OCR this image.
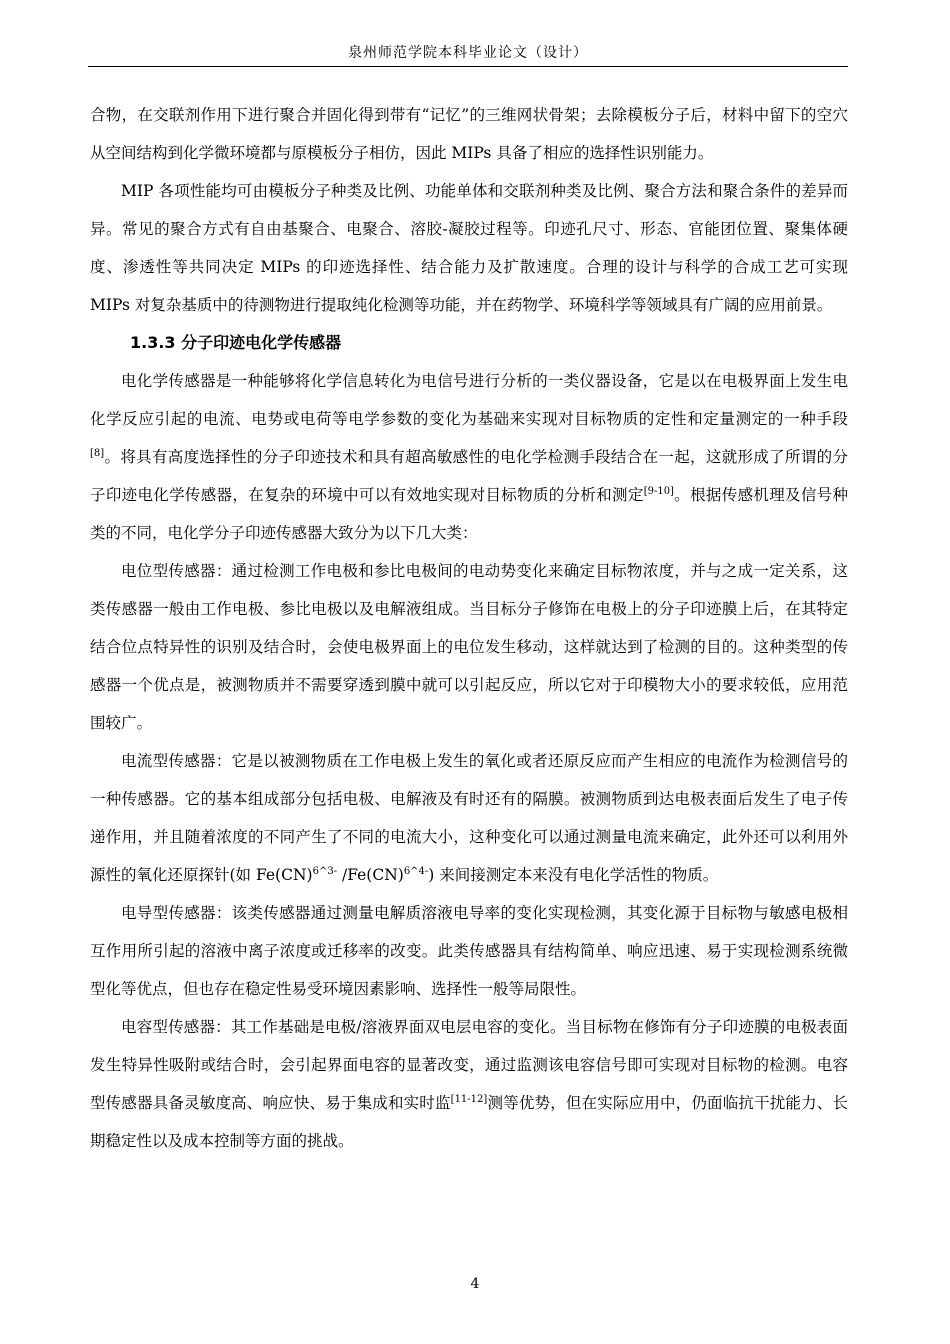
泉州师范学院本科毕业论文（设计）

合物，在交联剂作用下进行聚合并固化得到带有“记忆”的三维网状骨架；去除模板分子后，材料中留下的空穴从空间结构到化学微环境都与原模板分子相仿，因此 MIPs 具备了相应的选择性识别能力。

MIP 各项性能均可由模板分子种类及比例、功能单体和交联剂种类及比例、聚合方法和聚合条件的差异而异。常见的聚合方式有自由基聚合、电聚合、溶胶-凝胶过程等。印迹孔尺寸、形态、官能团位置、聚集体硬度、渗透性等共同决定 MIPs 的印迹选择性、结合能力及扩散速度。合理的设计与科学的合成工艺可实现 MIPs 对复杂基质中的待测物进行提取纯化检测等功能，并在药物学、环境科学等领域具有广阔的应用前景。

1.3.3 分子印迹电化学传感器

电化学传感器是一种能够将化学信息转化为电信号进行分析的一类仪器设备，它是以在电极界面上发生电化学反应引起的电流、电势或电荷等电学参数的变化为基础来实现对目标物质的定性和定量测定的一种手段[8]。将具有高度选择性的分子印迹技术和具有超高敏感性的电化学检测手段结合在一起，这就形成了所谓的分子印迹电化学传感器，在复杂的环境中可以有效地实现对目标物质的分析和测定[9-10]。根据传感机理及信号种类的不同，电化学分子印迹传感器大致分为以下几大类：

电位型传感器：通过检测工作电极和参比电极间的电动势变化来确定目标物浓度，并与之成一定关系，这类传感器一般由工作电极、参比电极以及电解液组成。当目标分子修饰在电极上的分子印迹膜上后，在其特定结合位点特异性的识别及结合时，会使电极界面上的电位发生移动，这样就达到了检测的目的。这种类型的传感器一个优点是，被测物质并不需要穿透到膜中就可以引起反应，所以它对于印模物大小的要求较低，应用范围较广。

电流型传感器：它是以被测物质在工作电极上发生的氧化或者还原反应而产生相应的电流作为检测信号的一种传感器。它的基本组成部分包括电极、电解液及有时还有的隔膜。被测物质到达电极表面后发生了电子传递作用，并且随着浓度的不同产生了不同的电流大小，这种变化可以通过测量电流来确定，此外还可以利用外源性的氧化还原探针(如 Fe(CN)$^{6\^{}3-}$ /Fe(CN)$^{6\^{}4-}$) 来间接测定本来没有电化学活性的物质。

电导型传感器：该类传感器通过测量电解质溶液电导率的变化实现检测，其变化源于目标物与敏感电极相互作用所引起的溶液中离子浓度或迁移率的改变。此类传感器具有结构简单、响应迅速、易于实现检测系统微型化等优点，但也存在稳定性易受环境因素影响、选择性一般等局限性。

电容型传感器：其工作基础是电极/溶液界面双电层电容的变化。当目标物在修饰有分子印迹膜的电极表面发生特异性吸附或结合时，会引起界面电容的显著改变，通过监测该电容信号即可实现对目标物的检测。电容型传感器具备灵敏度高、响应快、易于集成和实时监[11-12]测等优势，但在实际应用中，仍面临抗干扰能力、长期稳定性以及成本控制等方面的挑战。

4
